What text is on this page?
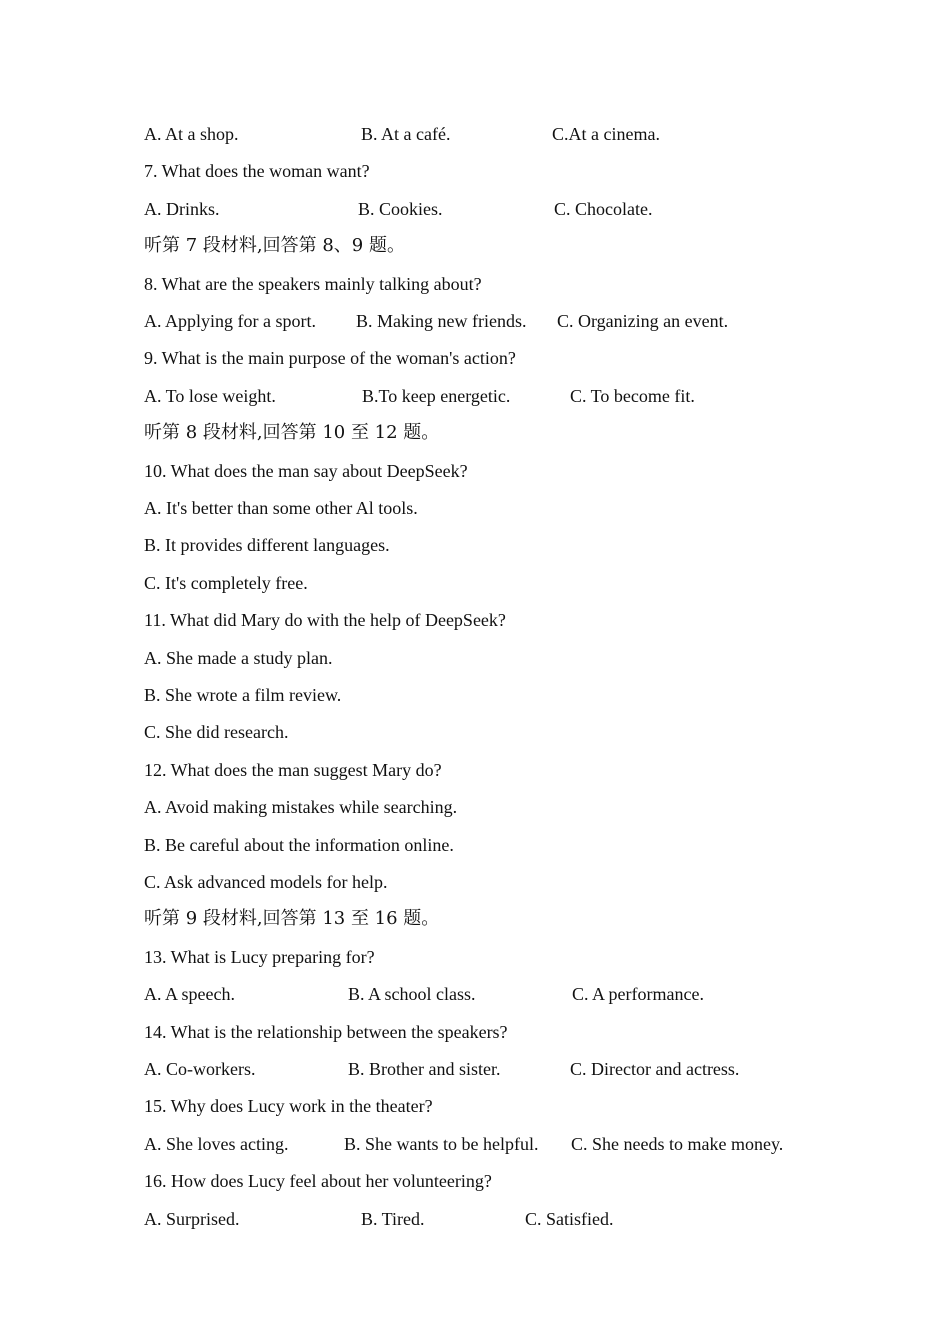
A. At a shop.	B. At a café.	C.At a cinema.
7. What does the woman want?
A. Drinks.	B. Cookies.	C. Chocolate.
听第 7 段材料,回答第 8、9 题。
8. What are the speakers mainly talking about?
A. Applying for a sport. B. Making new friends. C. Organizing an event.
9. What is the main purpose of the woman's action?
A. To lose weight.	B.To keep energetic.	C. To become fit.
听第 8 段材料,回答第 10 至 12 题。
10. What does the man say about DeepSeek?
A. It's better than some other Al tools.
B. It provides different languages.
C. It's completely free.
11. What did Mary do with the help of DeepSeek?
A. She made a study plan.
B. She wrote a film review.
C. She did research.
12. What does the man suggest Mary do?
A. Avoid making mistakes while searching.
B. Be careful about the information online.
C. Ask advanced models for help.
听第 9 段材料,回答第 13 至 16 题。
13. What is Lucy preparing for?
A. A speech.	B. A school class.	C. A performance.
14. What is the relationship between the speakers?
A. Co-workers.	B. Brother and sister.	C. Director and actress.
15. Why does Lucy work in the theater?
A. She loves acting.	B. She wants to be helpful. C. She needs to make money.
16. How does Lucy feel about her volunteering?
A. Surprised.	B. Tired.	C. Satisfied.
